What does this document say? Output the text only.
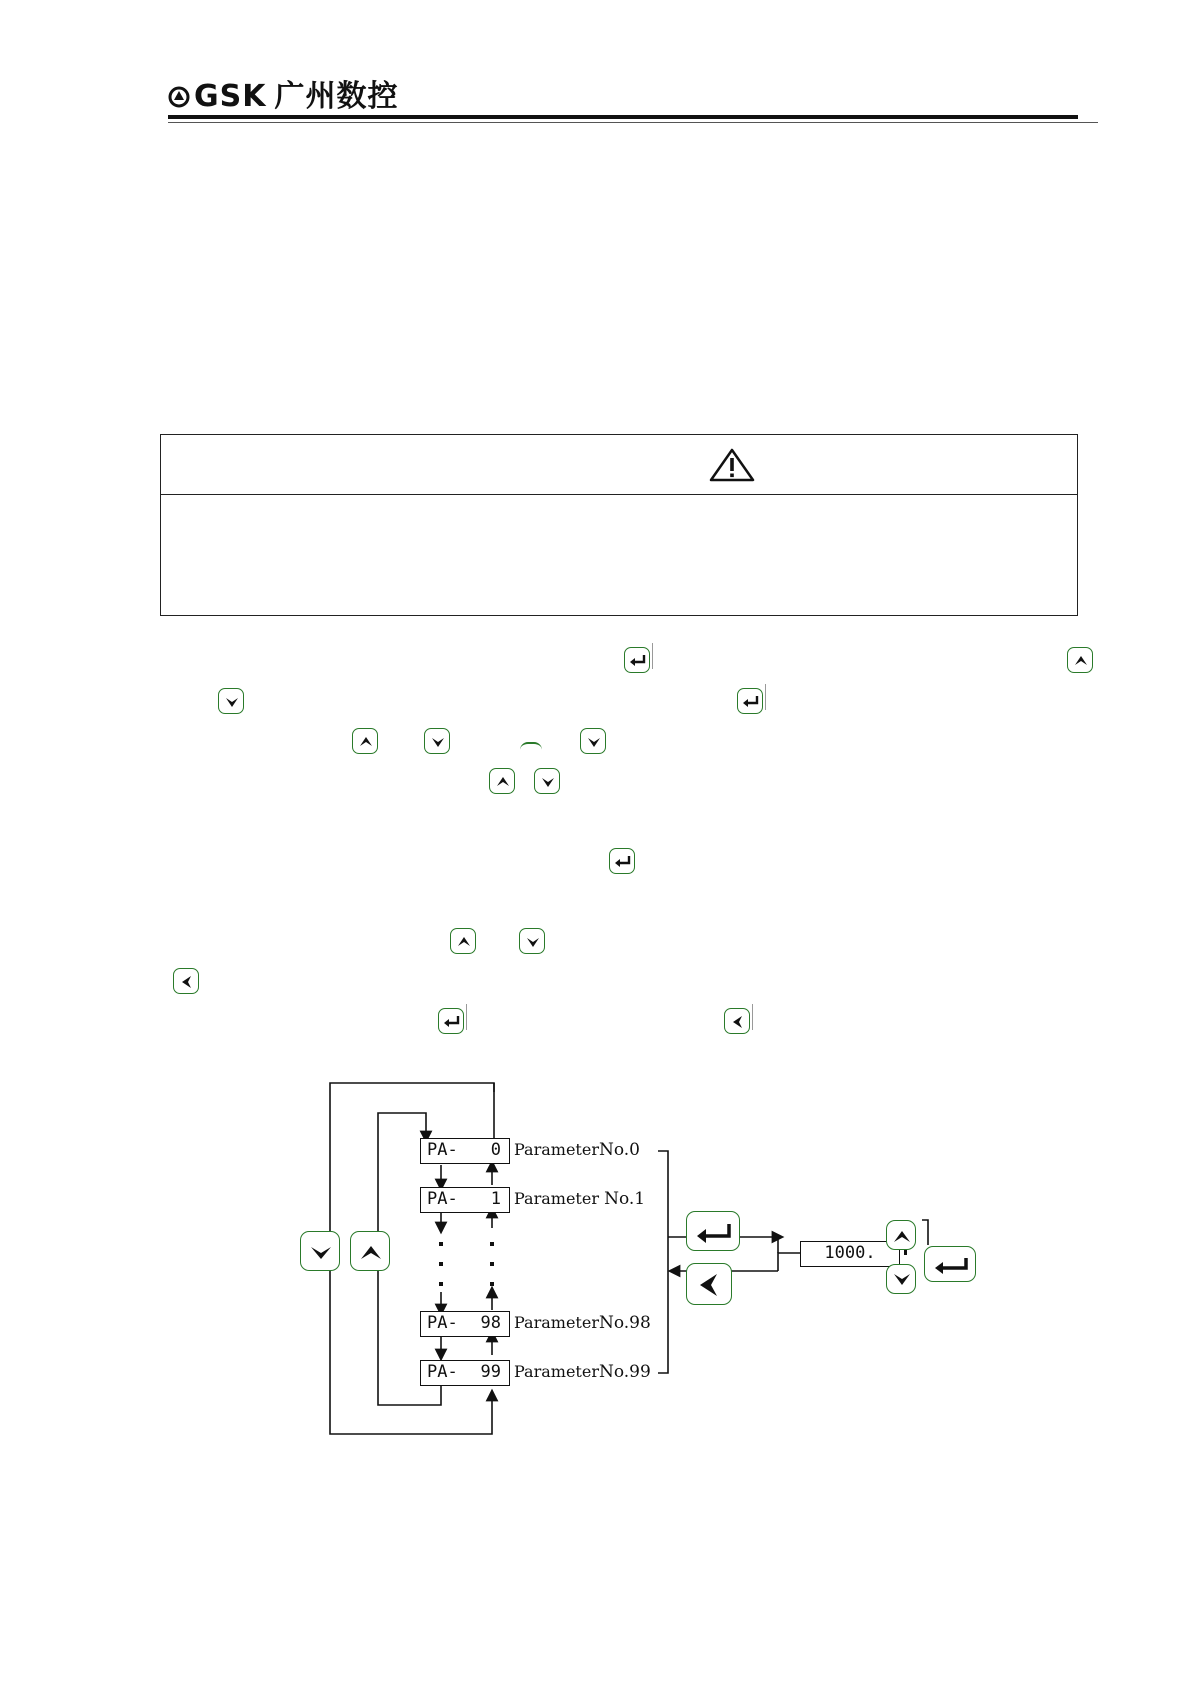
GSK 广州数控
PA- 0 ParameterNo.0
PA- 1 Parameter No.1
PA- 98 ParameterNo.98
PA- 99 ParameterNo.99
1000.
